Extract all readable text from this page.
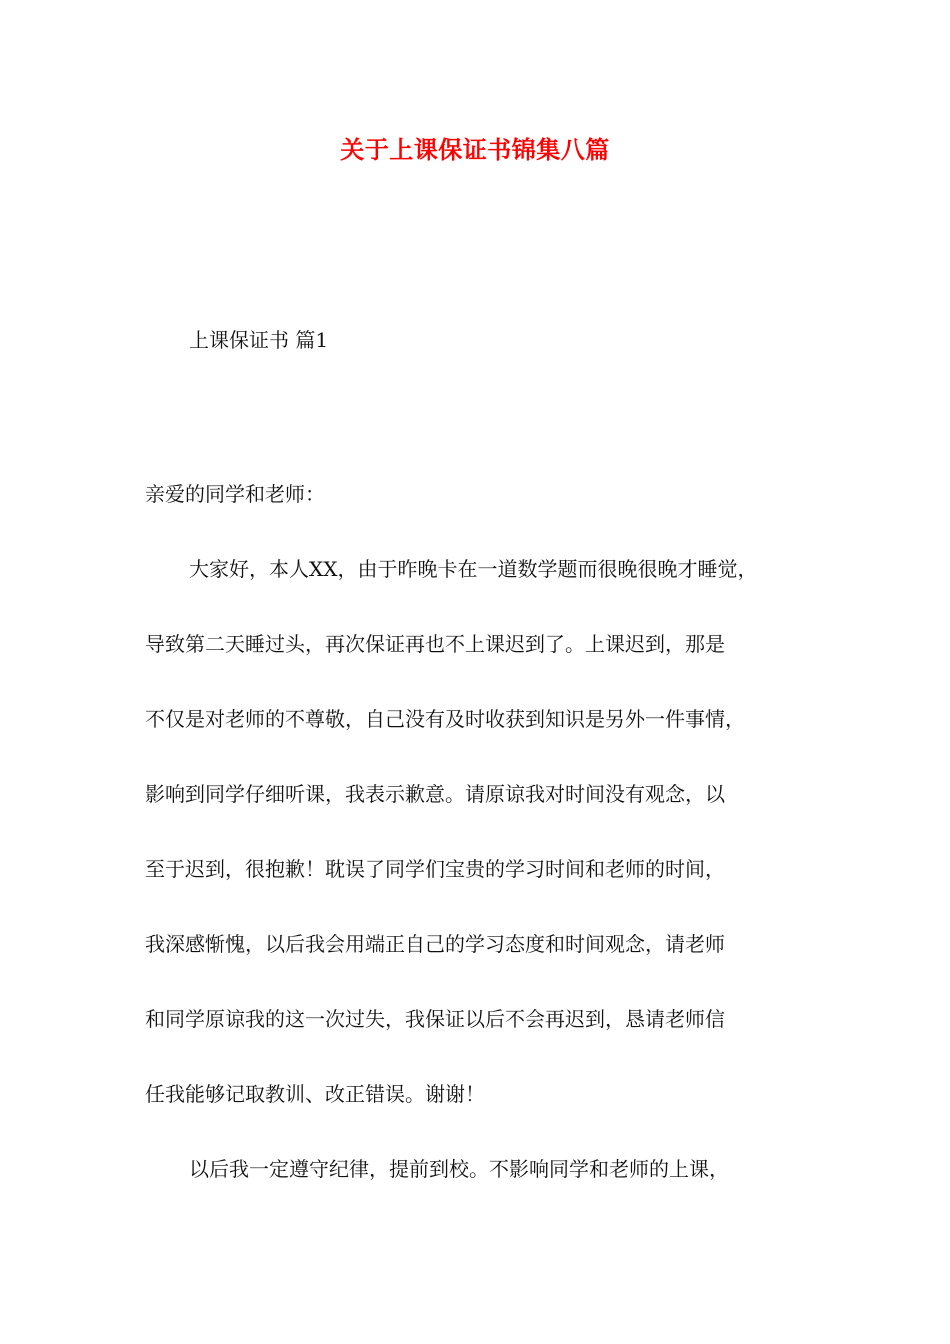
关于上课保证书锦集八篇
上课保证书 篇1
亲爱的同学和老师：
大家好，本人XX，由于昨晚卡在一道数学题而很晚很晚才睡觉，
导致第二天睡过头，再次保证再也不上课迟到了。上课迟到，那是
不仅是对老师的不尊敬，自己没有及时收获到知识是另外一件事情，
影响到同学仔细听课，我表示歉意。请原谅我对时间没有观念，以
至于迟到，很抱歉！耽误了同学们宝贵的学习时间和老师的时间，
我深感惭愧，以后我会用端正自己的学习态度和时间观念，请老师
和同学原谅我的这一次过失，我保证以后不会再迟到，恳请老师信
任我能够记取教训、改正错误。谢谢！
以后我一定遵守纪律，提前到校。不影响同学和老师的上课，
